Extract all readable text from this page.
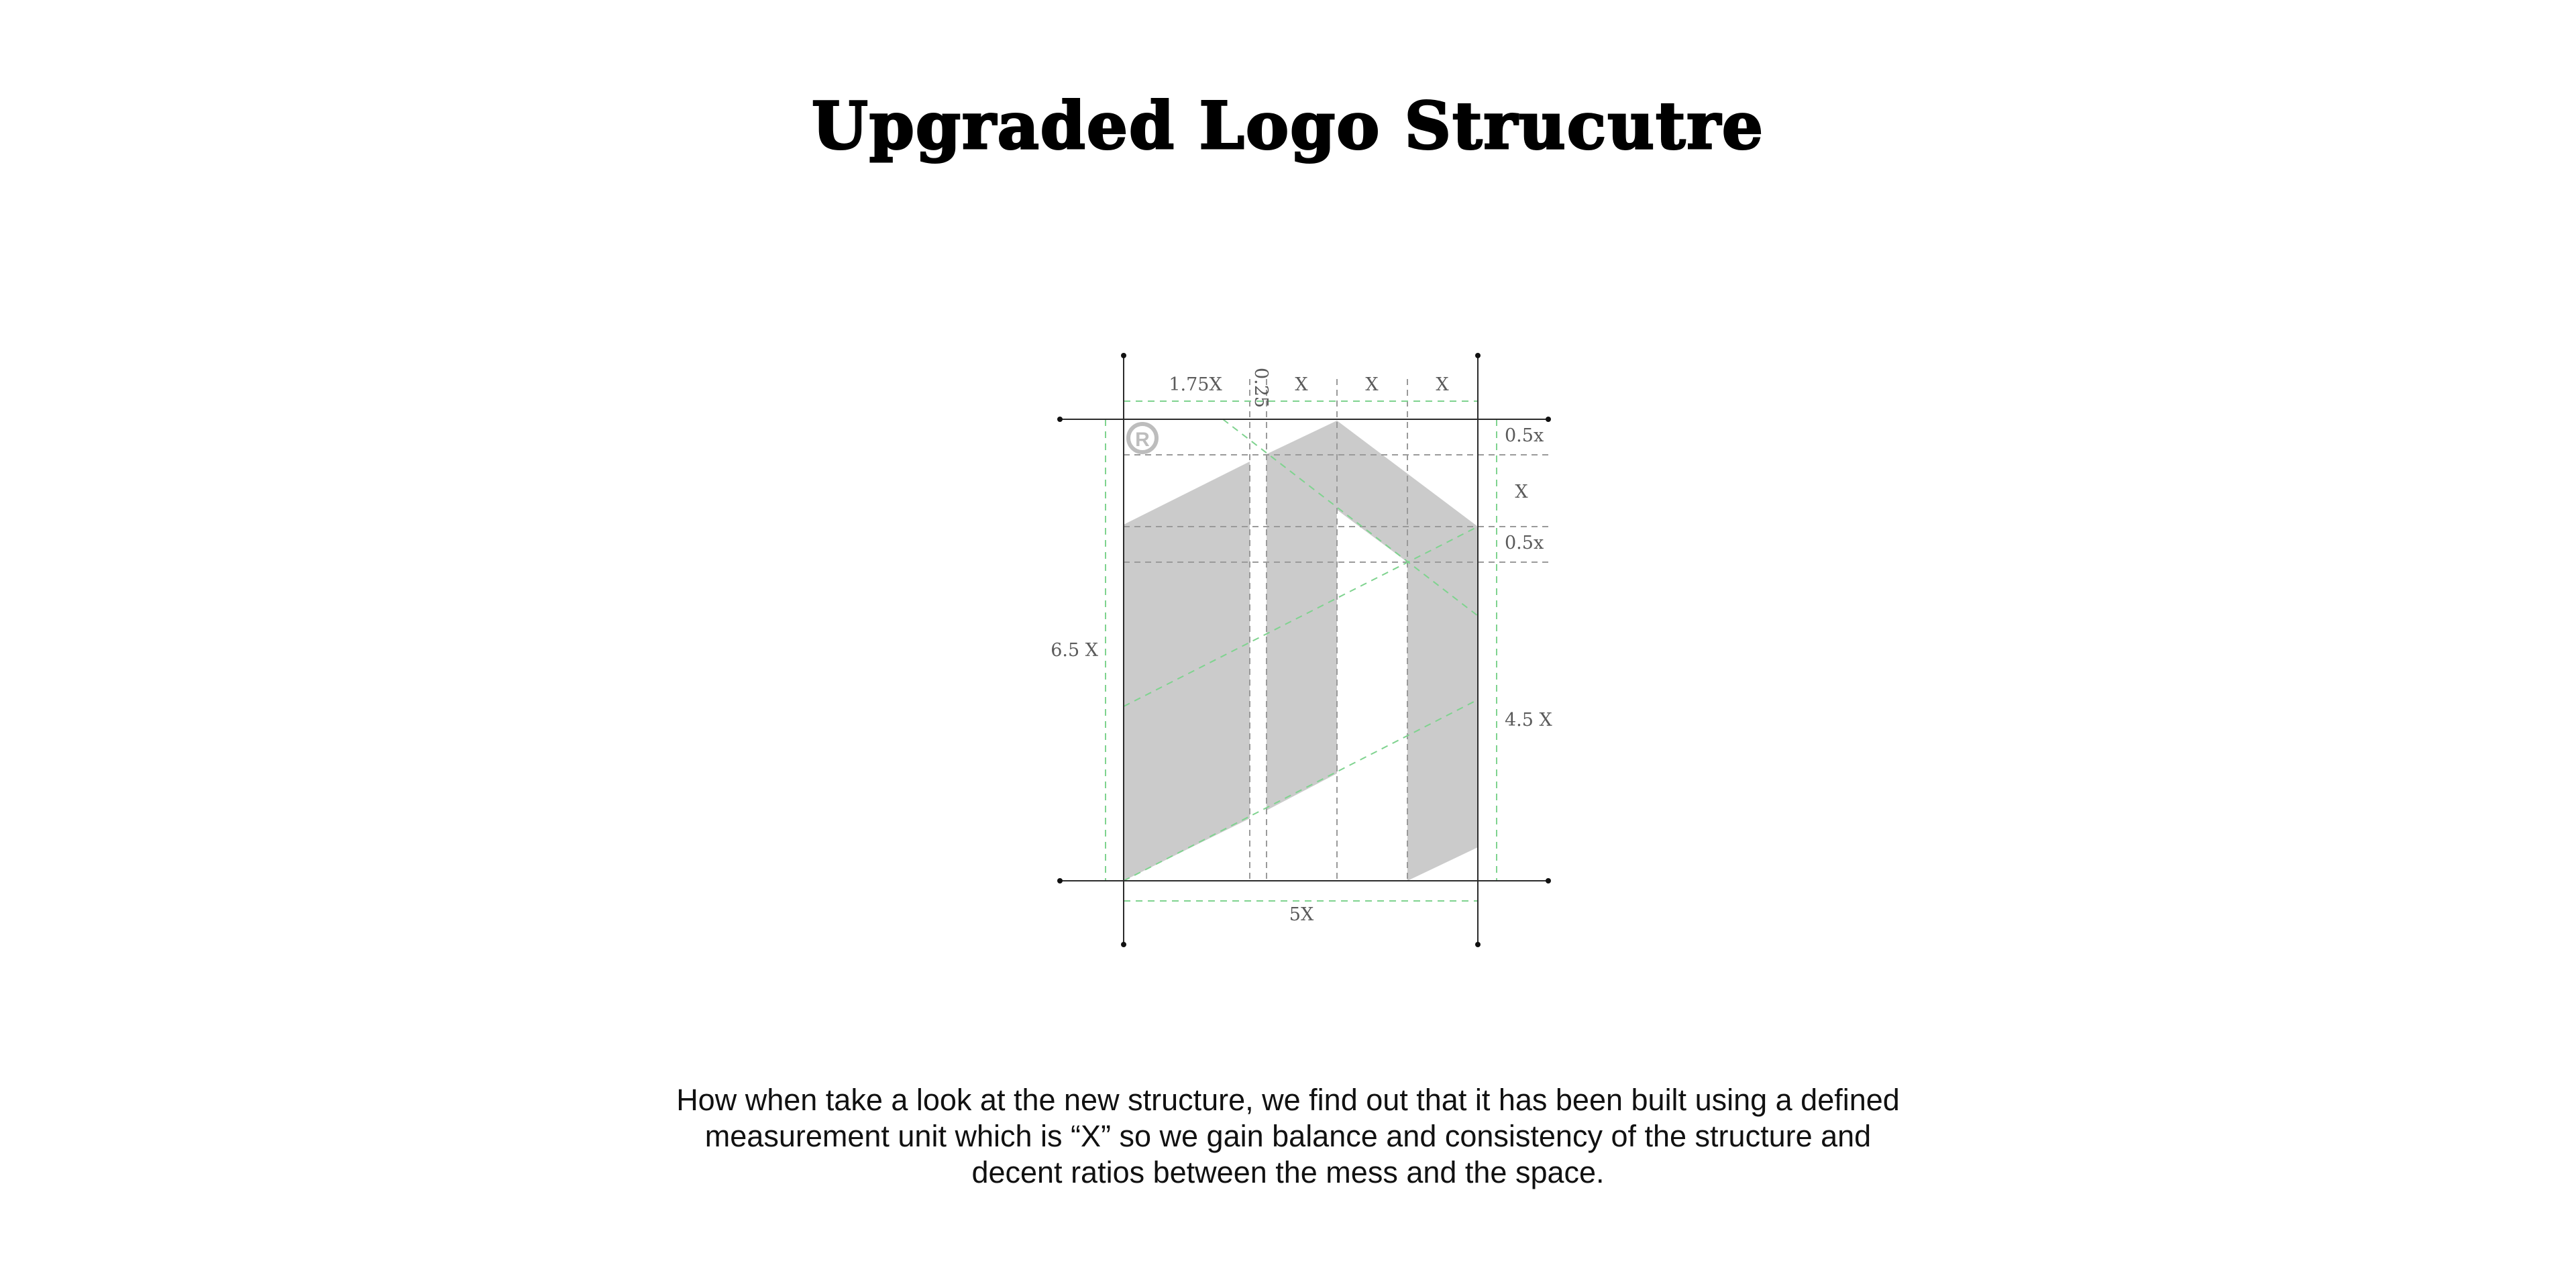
Upgraded Logo Strucutre
R
1.75X 0.25 X	X	X
0.5x
X
0.5x
4.5 X
6.5 X
5X

How when take a look at the new structure, we find out that it has been built using a defined measurement unit which is “X” so we gain balance and consistency of the structure and decent ratios between the mess and the space.
